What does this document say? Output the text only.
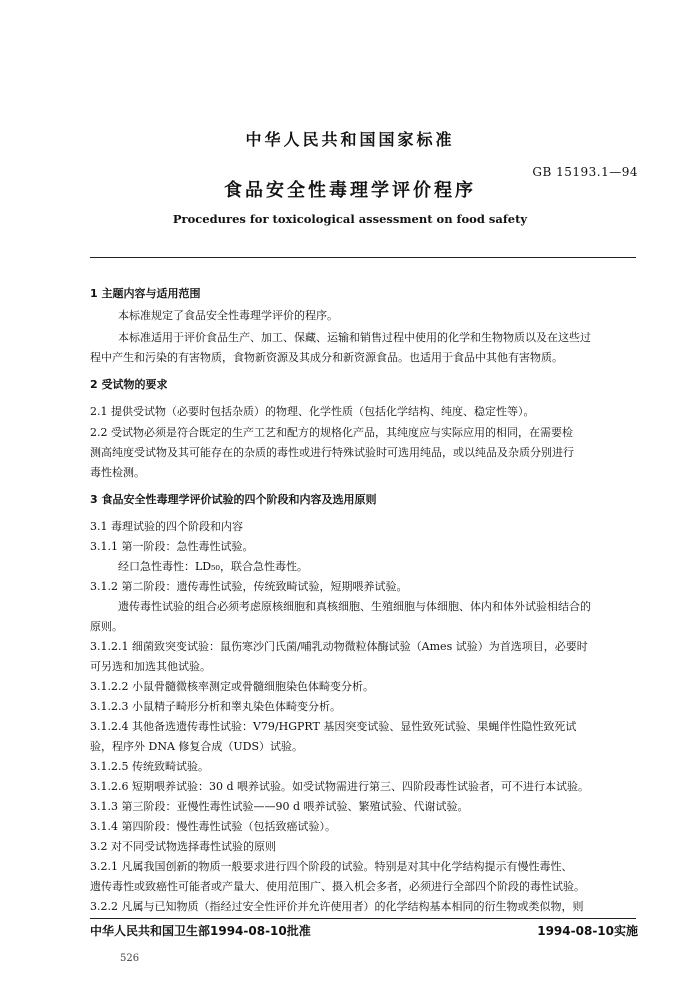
中华人民共和国国家标准
GB 15193.1—94
食品安全性毒理学评价程序
Procedures for toxicological assessment on food safety
1 主题内容与适用范围
本标准规定了食品安全性毒理学评价的程序。
本标准适用于评价食品生产、加工、保藏、运输和销售过程中使用的化学和生物物质以及在这些过
程中产生和污染的有害物质，食物新资源及其成分和新资源食品。也适用于食品中其他有害物质。
2 受试物的要求
2.1 提供受试物（必要时包括杂质）的物理、化学性质（包括化学结构、纯度、稳定性等）。
2.2 受试物必须是符合既定的生产工艺和配方的规格化产品，其纯度应与实际应用的相同，在需要检
测高纯度受试物及其可能存在的杂质的毒性或进行特殊试验时可选用纯品，或以纯品及杂质分别进行
毒性检测。
3 食品安全性毒理学评价试验的四个阶段和内容及选用原则
3.1 毒理试验的四个阶段和内容
3.1.1 第一阶段：急性毒性试验。
经口急性毒性：LD₅₀，联合急性毒性。
3.1.2 第二阶段：遗传毒性试验，传统致畸试验，短期喂养试验。
遗传毒性试验的组合必须考虑原核细胞和真核细胞、生殖细胞与体细胞、体内和体外试验相结合的
原则。
3.1.2.1 细菌致突变试验：鼠伤寒沙门氏菌/哺乳动物微粒体酶试验（Ames 试验）为首选项目，必要时
可另选和加选其他试验。
3.1.2.2 小鼠骨髓微核率测定或骨髓细胞染色体畸变分析。
3.1.2.3 小鼠精子畸形分析和睾丸染色体畸变分析。
3.1.2.4 其他备选遗传毒性试验：V79/HGPRT 基因突变试验、显性致死试验、果蝇伴性隐性致死试
验，程序外 DNA 修复合成（UDS）试验。
3.1.2.5 传统致畸试验。
3.1.2.6 短期喂养试验：30 d 喂养试验。如受试物需进行第三、四阶段毒性试验者，可不进行本试验。
3.1.3 第三阶段：亚慢性毒性试验——90 d 喂养试验、繁殖试验、代谢试验。
3.1.4 第四阶段：慢性毒性试验（包括致癌试验）。
3.2 对不同受试物选择毒性试验的原则
3.2.1 凡属我国创新的物质一般要求进行四个阶段的试验。特别是对其中化学结构提示有慢性毒性、
遗传毒性或致癌性可能者或产量大、使用范围广、摄入机会多者，必须进行全部四个阶段的毒性试验。
3.2.2 凡属与已知物质（指经过安全性评价并允许使用者）的化学结构基本相同的衍生物或类似物，则
中华人民共和国卫生部1994-08-10批准	1994-08-10实施
526
